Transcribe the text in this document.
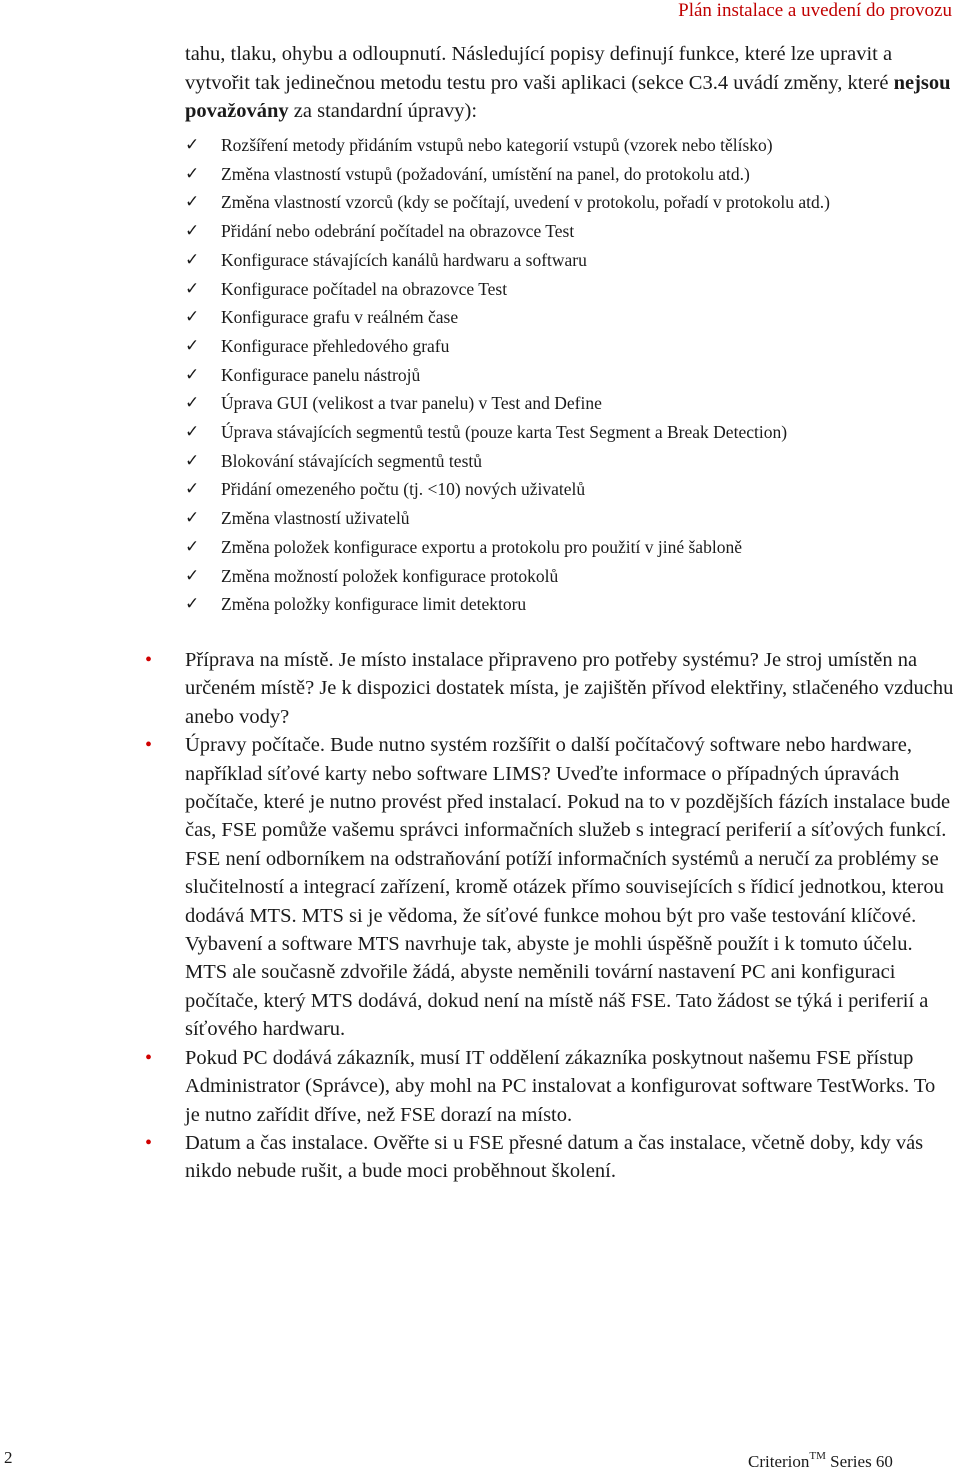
Plán instalace a uvedení do provozu

tahu, tlaku, ohybu a odloupnutí. Následující popisy definují funkce, které lze upravit a vytvořit tak jedinečnou metodu testu pro vaši aplikaci (sekce C3.4 uvádí změny, které nejsou považovány za standardní úpravy):

✓ Rozšíření metody přidáním vstupů nebo kategorií vstupů (vzorek nebo tělísko)
✓ Změna vlastností vstupů (požadování, umístění na panel, do protokolu atd.)
✓ Změna vlastností vzorců (kdy se počítají, uvedení v protokolu, pořadí v protokolu atd.)
✓ Přidání nebo odebrání počítadel na obrazovce Test
✓ Konfigurace stávajících kanálů hardwaru a softwaru
✓ Konfigurace počítadel na obrazovce Test
✓ Konfigurace grafu v reálném čase
✓ Konfigurace přehledového grafu
✓ Konfigurace panelu nástrojů
✓ Úprava GUI (velikost a tvar panelu) v Test and Define
✓ Úprava stávajících segmentů testů (pouze karta Test Segment a Break Detection)
✓ Blokování stávajících segmentů testů
✓ Přidání omezeného počtu (tj. <10) nových uživatelů
✓ Změna vlastností uživatelů
✓ Změna položek konfigurace exportu a protokolu pro použití v jiné šabloně
✓ Změna možností položek konfigurace protokolů
✓ Změna položky konfigurace limit detektoru
• Příprava na místě. Je místo instalace připraveno pro potřeby systému? Je stroj umístěn na určeném místě? Je k dispozici dostatek místa, je zajištěn přívod elektřiny, stlačeného vzduchu anebo vody?
• Úpravy počítače. Bude nutno systém rozšířit o další počítačový software nebo hardware, například síťové karty nebo software LIMS? Uveďte informace o případných úpravách počítače, které je nutno provést před instalací. Pokud na to v pozdějších fázích instalace bude čas, FSE pomůže vašemu správci informačních služeb s integrací periferií a síťových funkcí. FSE není odborníkem na odstraňování potíží informačních systémů a neručí za problémy se slučitelností a integrací zařízení, kromě otázek přímo souvisejících s řídicí jednotkou, kterou dodává MTS. MTS si je vědoma, že síťové funkce mohou být pro vaše testování klíčové. Vybavení a software MTS navrhuje tak, abyste je mohli úspěšně použít i k tomuto účelu. MTS ale současně zdvořile žádá, abyste neměnili tovární nastavení PC ani konfiguraci počítače, který MTS dodává, dokud není na místě náš FSE. Tato žádost se týká i periferií a síťového hardwaru.
• Pokud PC dodává zákazník, musí IT oddělení zákazníka poskytnout našemu FSE přístup Administrator (Správce), aby mohl na PC instalovat a konfigurovat software TestWorks. To je nutno zařídit dříve, než FSE dorazí na místo.
• Datum a čas instalace. Ověřte si u FSE přesné datum a čas instalace, včetně doby, kdy vás nikdo nebude rušit, a bude moci proběhnout školení.
2	Criterion™ Series 60
